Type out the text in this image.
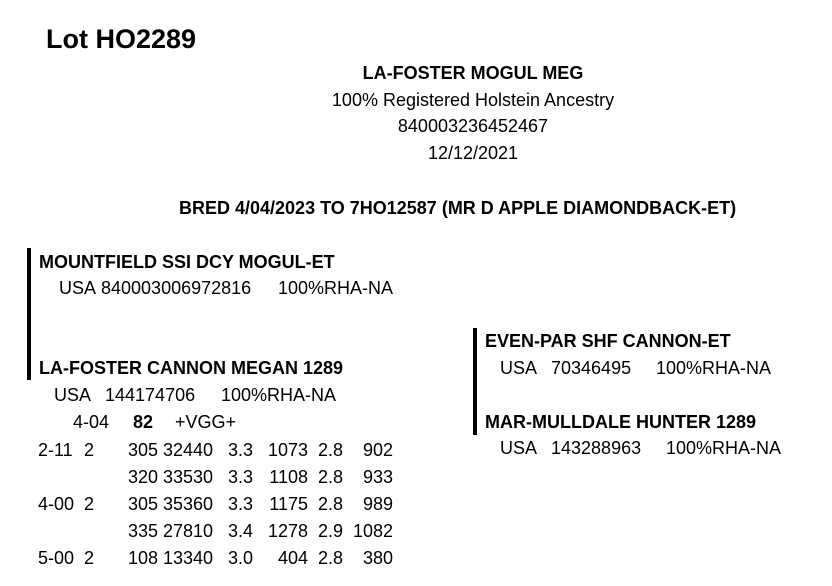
Lot HO2289
LA-FOSTER MOGUL MEG
100% Registered Holstein Ancestry
840003236452467
12/12/2021
BRED 4/04/2023 TO 7HO12587 (MR D APPLE DIAMONDBACK-ET)
MOUNTFIELD SSI DCY MOGUL-ET
USA 840003006972816 100%RHA-NA
LA-FOSTER CANNON MEGAN 1289
USA 144174706 100%RHA-NA
4-04 82 +VGG+
2-11	2	305	32440	3.3	1073	2.8	902
		320	33530	3.3	1108	2.8	933
4-00	2	305	35360	3.3	1175	2.8	989
		335	27810	3.4	1278	2.9	1082
5-00	2	108	13340	3.0	404	2.8	380
EVEN-PAR SHF CANNON-ET
USA 70346495 100%RHA-NA
MAR-MULLDALE HUNTER 1289
USA 143288963 100%RHA-NA
